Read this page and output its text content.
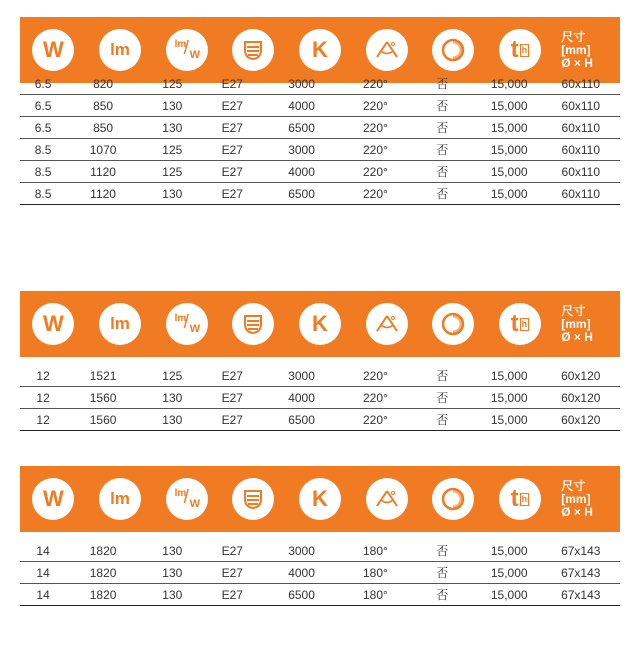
W	lm	lm
/ W	K	t h
尺寸
[mm]
Ø × H
6.5	820	125	E27	3000	220°	否	15,000	60x110
6.5	850	130	E27	4000	220°	否	15,000	60x110
6.5	850	130	E27	6500	220°	否	15,000	60x110
8.5	1070	125	E27	3000	220°	否	15,000	60x110
8.5	1120	125	E27	4000	220°	否	15,000	60x110
8.5	1120	130	E27	6500	220°	否	15,000	60x110
W	lm	lm
/ W	K	t h
尺寸
[mm]
Ø × H
12	1521	125	E27	3000	220°	否	15,000	60x120
12	1560	130	E27	4000	220°	否	15,000	60x120
12	1560	130	E27	6500	220°	否	15,000	60x120
W	lm	lm
/ W	K	t h
尺寸
[mm]
Ø × H
14	1820	130	E27	3000	180°	否	15,000	67x143
14	1820	130	E27	4000	180°	否	15,000	67x143
14	1820	130	E27	6500	180°	否	15,000	67x143
